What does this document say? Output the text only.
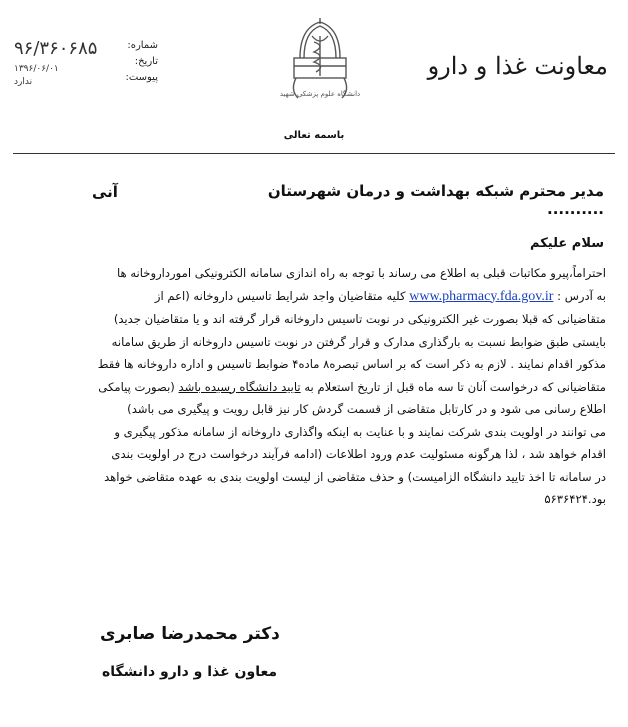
معاونت غذا و دارو
دانشگاه علوم پزشکی شهید
شماره:
تاریخ:
پیوست:
۹۶/۳۶۰۶۸۵
۱۳۹۶/۰۶/۰۱
ندارد
باسمه تعالی
مدیر محترم شبکه بهداشت و درمان شهرستان ..........
آنی
سلام علیکم
احتراماً،پیرو مکاتبات قبلی به اطلاع می رساند با توجه به راه اندازی سامانه الکترونیکی اموردارو‌خانه ها
به آدرس : www.pharmacy.fda.gov.ir کلیه متقاضیان واجد شرایط تاسیس داروخانه (اعم از
متقاضیانی که قبلا بصورت غیر الکترونیکی در نوبت تاسیس داروخانه قرار گرفته اند و یا متقاضیان جدید)
بایستی طبق ضوابط نسبت به بارگذاری مدارک و قرار گرفتن در نوبت تاسیس داروخانه از طریق سامانه
مذکور اقدام نمایند . لازم به ذکر است که بر اساس تبصره۸ ماده۴ ضوابط تاسیس و اداره داروخانه ها فقط
متقاضیانی که درخواست آنان تا سه ماه قبل از تاریخ استعلام به تایید دانشگاه رسیده باشد (بصورت پیامکی
اطلاع رسانی می شود و در کارتابل متقاضی از قسمت گردش کار نیز قابل رویت و پیگیری می باشد)
می توانند در اولویت بندی شرکت نمایند و با عنایت به اینکه واگذاری داروخانه از سامانه مذکور پیگیری و
اقدام خواهد شد ، لذا هرگونه مسئولیت عدم ورود اطلاعات (ادامه فرآیند درخواست درج در اولویت بندی
در سامانه تا اخذ تایید دانشگاه الزامیست) و حذف متقاضی از لیست اولویت بندی به عهده متقاضی خواهد
بود.۵۶۳۶۴۲۴
دکتر محمدرضا صابری
معاون غذا و دارو دانشگاه
